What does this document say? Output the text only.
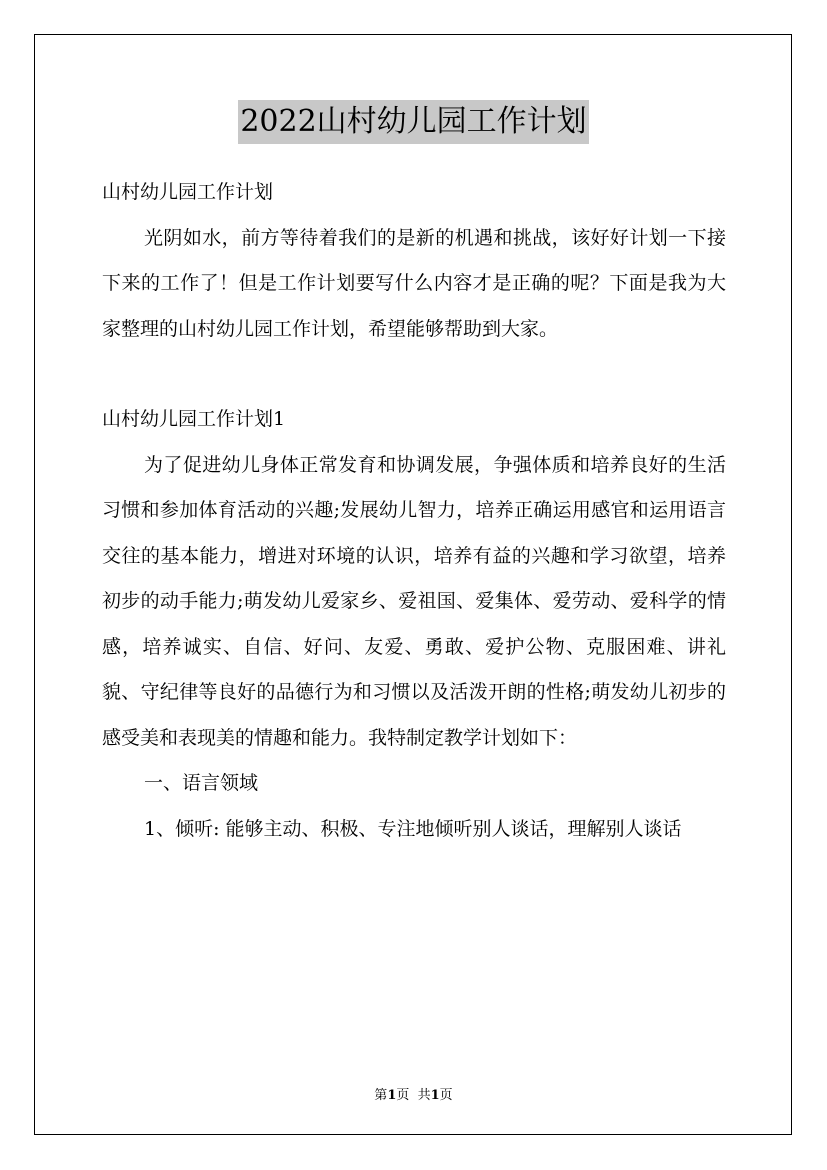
2022山村幼儿园工作计划

山村幼儿园工作计划

光阴如水，前方等待着我们的是新的机遇和挑战，该好好计划一下接下来的工作了！但是工作计划要写什么内容才是正确的呢？下面是我为大家整理的山村幼儿园工作计划，希望能够帮助到大家。

山村幼儿园工作计划1

为了促进幼儿身体正常发育和协调发展，争强体质和培养良好的生活习惯和参加体育活动的兴趣;发展幼儿智力，培养正确运用感官和运用语言交往的基本能力，增进对环境的认识，培养有益的兴趣和学习欲望，培养初步的动手能力;萌发幼儿爱家乡、爱祖国、爱集体、爱劳动、爱科学的情感，培养诚实、自信、好问、友爱、勇敢、爱护公物、克服困难、讲礼貌、守纪律等良好的品德行为和习惯以及活泼开朗的性格;萌发幼儿初步的感受美和表现美的情趣和能力。我特制定教学计划如下：

一、语言领域

1、倾听: 能够主动、积极、专注地倾听别人谈话，理解别人谈话

第1页  共1页
